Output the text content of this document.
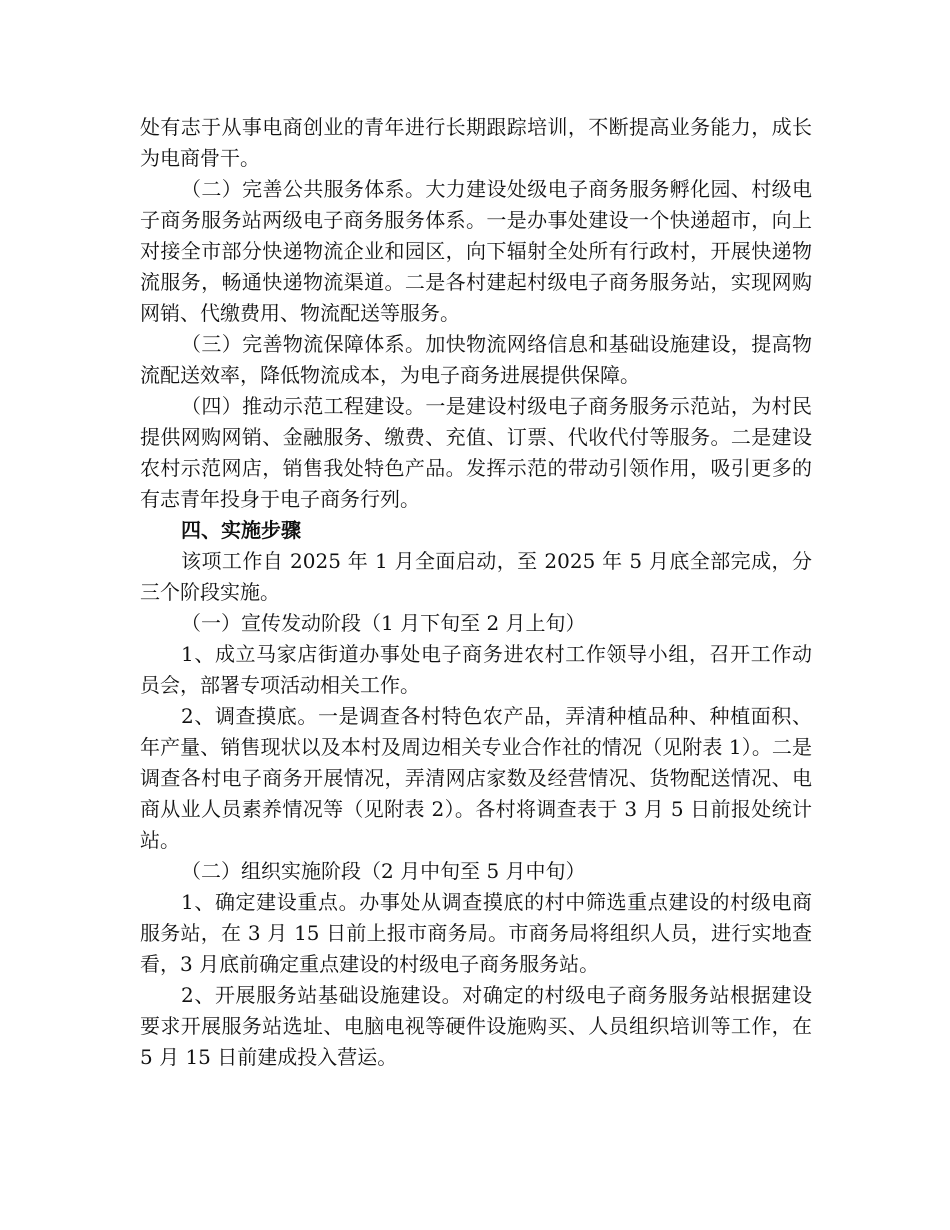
处有志于从事电商创业的青年进行长期跟踪培训，不断提高业务能力，成长为电商骨干。

（二）完善公共服务体系。大力建设处级电子商务服务孵化园、村级电子商务服务站两级电子商务服务体系。一是办事处建设一个快递超市，向上对接全市部分快递物流企业和园区，向下辐射全处所有行政村，开展快递物流服务，畅通快递物流渠道。二是各村建起村级电子商务服务站，实现网购网销、代缴费用、物流配送等服务。

（三）完善物流保障体系。加快物流网络信息和基础设施建设，提高物流配送效率，降低物流成本，为电子商务进展提供保障。

（四）推动示范工程建设。一是建设村级电子商务服务示范站，为村民提供网购网销、金融服务、缴费、充值、订票、代收代付等服务。二是建设农村示范网店，销售我处特色产品。发挥示范的带动引领作用，吸引更多的有志青年投身于电子商务行列。

四、实施步骤

该项工作自 2025 年 1 月全面启动，至 2025 年 5 月底全部完成，分三个阶段实施。

（一）宣传发动阶段（1 月下旬至 2 月上旬）

1、成立马家店街道办事处电子商务进农村工作领导小组，召开工作动员会，部署专项活动相关工作。

2、调查摸底。一是调查各村特色农产品，弄清种植品种、种植面积、年产量、销售现状以及本村及周边相关专业合作社的情况（见附表 1）。二是调查各村电子商务开展情况，弄清网店家数及经营情况、货物配送情况、电商从业人员素养情况等（见附表 2）。各村将调查表于 3 月 5 日前报处统计站。

（二）组织实施阶段（2 月中旬至 5 月中旬）

1、确定建设重点。办事处从调查摸底的村中筛选重点建设的村级电商服务站，在 3 月 15 日前上报市商务局。市商务局将组织人员，进行实地查看，3 月底前确定重点建设的村级电子商务服务站。

2、开展服务站基础设施建设。对确定的村级电子商务服务站根据建设要求开展服务站选址、电脑电视等硬件设施购买、人员组织培训等工作，在 5 月 15 日前建成投入营运。
